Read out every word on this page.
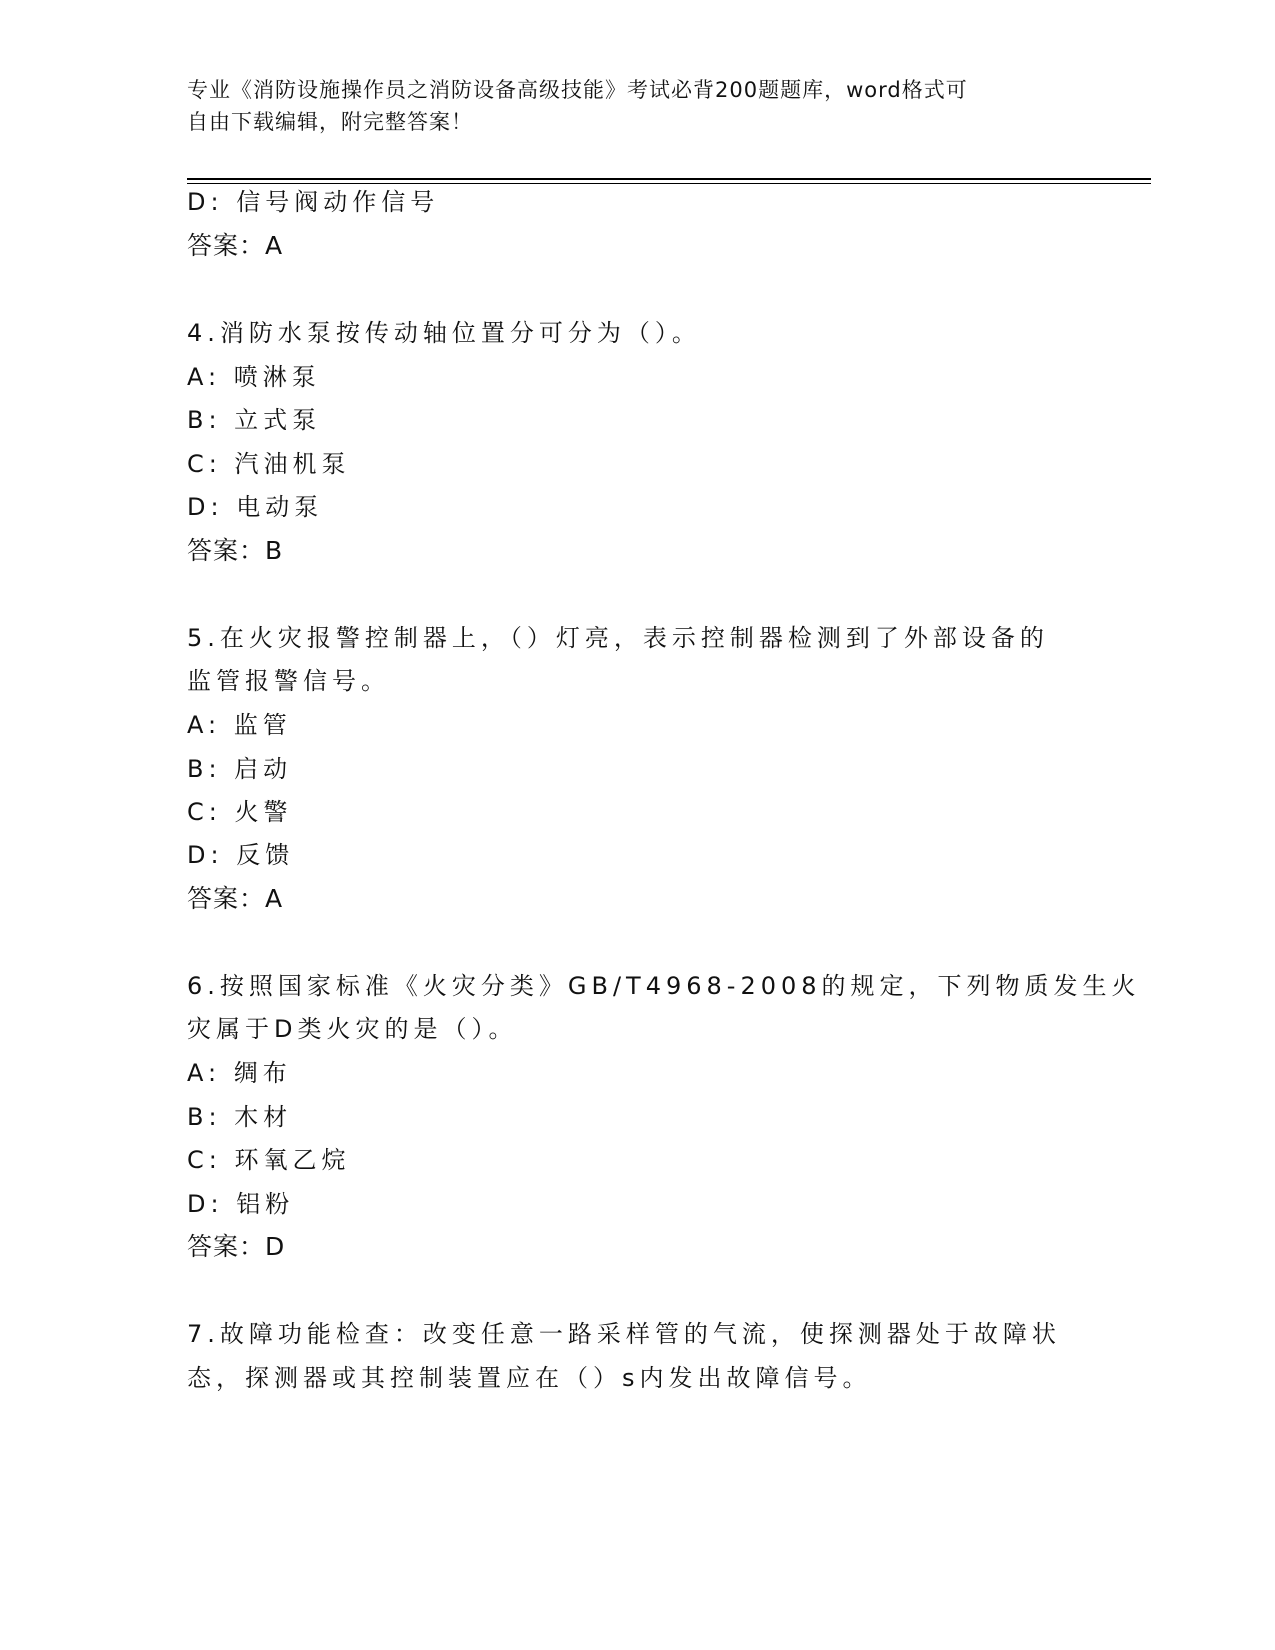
专业《消防设施操作员之消防设备高级技能》考试必背200题题库，word格式可
自由下载编辑，附完整答案！
D: 信号阀动作信号
答案：A
4.消防水泵按传动轴位置分可分为（）。
A: 喷淋泵
B: 立式泵
C: 汽油机泵
D: 电动泵
答案：B
5.在火灾报警控制器上，（）灯亮，表示控制器检测到了外部设备的
监管报警信号。
A: 监管
B: 启动
C: 火警
D: 反馈
答案：A
6.按照国家标准《火灾分类》GB/T4968-2008的规定，下列物质发生火
灾属于D类火灾的是（）。
A: 绸布
B: 木材
C: 环氧乙烷
D: 铝粉
答案：D
7.故障功能检查：改变任意一路采样管的气流，使探测器处于故障状
态，探测器或其控制装置应在（）s内发出故障信号。
